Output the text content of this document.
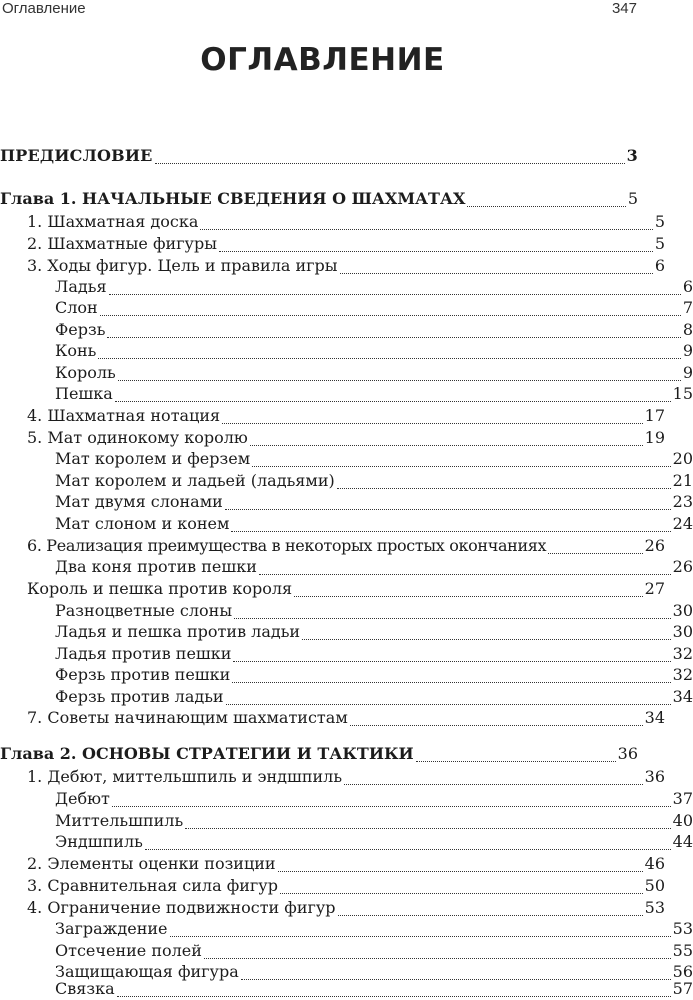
Оглавление	347
ОГЛАВЛЕНИЕ
ПРЕДИСЛОВИЕ	3
Глава 1. НАЧАЛЬНЫЕ СВЕДЕНИЯ О ШАХМАТАХ	5
1. Шахматная доска	5
2. Шахматные фигуры	5
3. Ходы фигур. Цель и правила игры	6
Ладья	6
Слон	7
Ферзь	8
Конь	9
Король	9
Пешка	15
4. Шахматная нотация	17
5. Мат одинокому королю	19
Мат королем и ферзем	20
Мат королем и ладьей (ладьями)	21
Мат двумя слонами	23
Мат слоном и конем	24
6. Реализация преимущества в некоторых простых окончаниях	26
Два коня против пешки	26
Король и пешка против короля	27
Разноцветные слоны	30
Ладья и пешка против ладьи	30
Ладья против пешки	32
Ферзь против пешки	32
Ферзь против ладьи	34
7. Советы начинающим шахматистам	34
Глава 2. ОСНОВЫ СТРАТЕГИИ И ТАКТИКИ	36
1. Дебют, миттельшпиль и эндшпиль	36
Дебют	37
Миттельшпиль	40
Эндшпиль	44
2. Элементы оценки позиции	46
3. Сравнительная сила фигур	50
4. Ограничение подвижности фигур	53
Заграждение	53
Отсечение полей	55
Защищающая фигура	56
Связка	57
